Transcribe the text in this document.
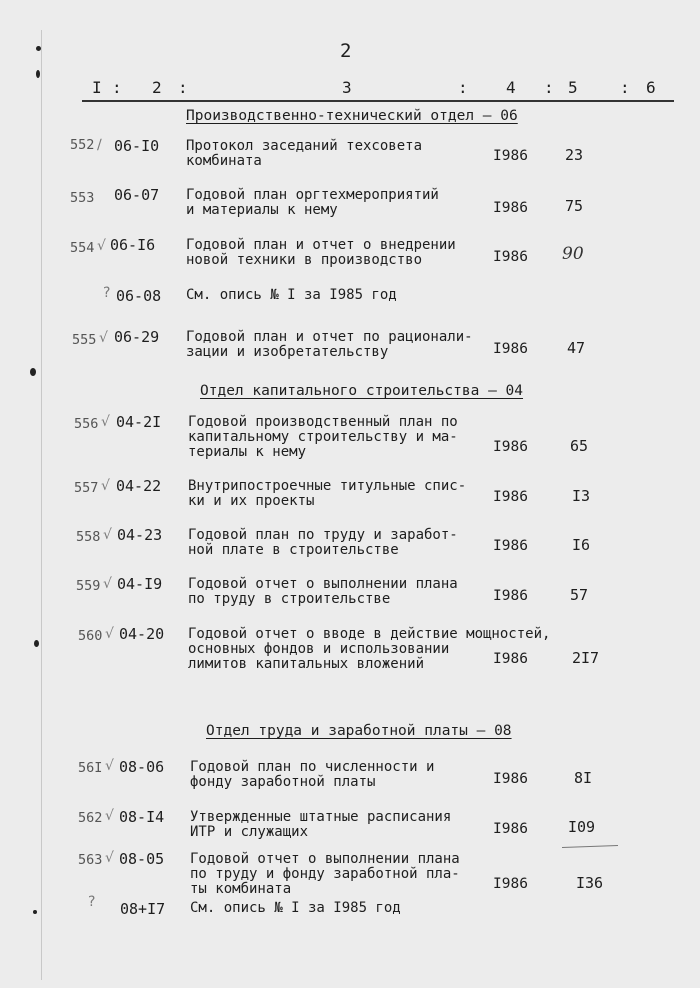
2
I : 2 :	3	: 4 : 5	: 6
Производственно-технический отдел – 06
552 ∕ 06-I0 Протокол заседаний техсовета
комбината	I986 23
553 06-07 Годовой план оргтехмероприятий
и материалы к нему	I986 75
554 √ 06-I6 Годовой план и отчет о внедрении
новой техники в производство	I986 90
? 06-08 См. опись № I за I985 год
555 √ 06-29 Годовой план и отчет по рационали-
зации и изобретательству	I986	47
Отдел капитального строительства – 04
556 √ 04-2I Годовой производственный план по
капитальному строительству и ма-
териалы к нему	I986	65
557 √ 04-22 Внутрипостроечные титульные спис-
ки и их проекты	I986	I3
558 √ 04-23 Годовой план по труду и заработ-
ной плате в строительстве	I986	I6
559 √ 04-I9 Годовой отчет о выполнении плана
по труду в строительстве	I986	57
560 √ 04-20 Годовой отчет о вводе в действие мощностей,
основных фондов и использовании
лимитов капитальных вложений	I986	2I7
Отдел труда и заработной платы – 08
56I √ 08-06 Годовой план по численности и
фонду заработной платы	I986	8I
562 √ 08-I4 Утвержденные штатные расписания
ИТР и служащих	I986	I09
563 √ 08-05 Годовой отчет о выполнении плана
по труду и фонду заработной пла-
ты комбината	I986	I36
? 08+I7 См. опись № I за I985 год
